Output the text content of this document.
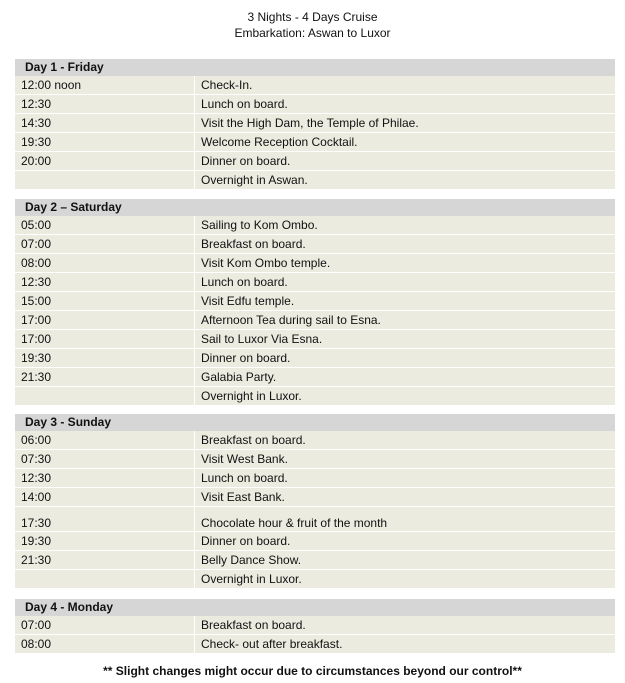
3 Nights - 4 Days Cruise
Embarkation: Aswan to Luxor
Day 1 - Friday
12:00 noon	Check-In.
12:30	Lunch on board.
14:30	Visit the High Dam, the Temple of Philae.
19:30	Welcome Reception Cocktail.
20:00	Dinner on board.
Overnight in Aswan.
Day 2 – Saturday
05:00	Sailing to Kom Ombo.
07:00	Breakfast on board.
08:00	Visit Kom Ombo temple.
12:30	Lunch on board.
15:00	Visit Edfu temple.
17:00	Afternoon Tea during sail to Esna.
17:00	Sail to Luxor Via Esna.
19:30	Dinner on board.
21:30	Galabia Party.
Overnight in Luxor.
Day 3 - Sunday
06:00	Breakfast on board.
07:30	Visit West Bank.
12:30	Lunch on board.
14:00	Visit East Bank.
17:30	Chocolate hour & fruit of the month
19:30	Dinner on board.
21:30	Belly Dance Show.
Overnight in Luxor.
Day 4 - Monday
07:00	Breakfast on board.
08:00	Check- out after breakfast.
** Slight changes might occur due to circumstances beyond our control**
